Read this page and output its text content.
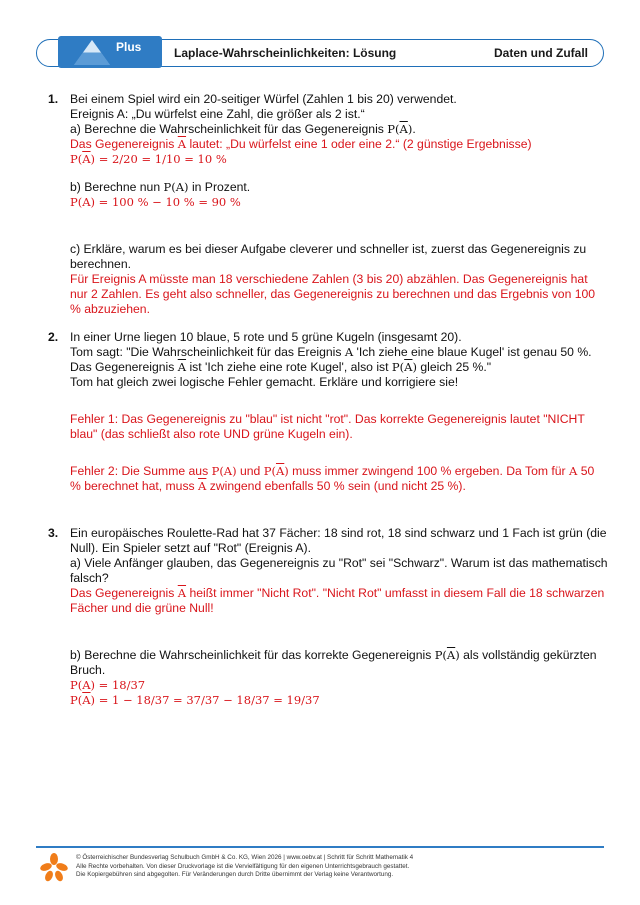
Plus	Laplace-Wahrscheinlichkeiten: Lösung	Daten und Zufall
1. Bei einem Spiel wird ein 20-seitiger Würfel (Zahlen 1 bis 20) verwendet.

Ereignis A: „Du würfelst eine Zahl, die größer als 2 ist.“

a) Berechne die Wahrscheinlichkeit für das Gegenereignis $P(\overline{A})$.

Das Gegenereignis $\overline{A}$ lautet: „Du würfelst eine 1 oder eine 2.“ (2 günstige Ergebnisse)

$P(\overline{A}) = 2/20 = 1/10 = 10$ %

b) Berechne nun P(A) in Prozent.

P(A) = 100 % − 10 % = 90 %

c) Erkläre, warum es bei dieser Aufgabe cleverer und schneller ist, zuerst das Gegenereignis zu berechnen.

Für Ereignis A müsste man 18 verschiedene Zahlen (3 bis 20) abzählen. Das Gegenereignis hat nur 2 Zahlen. Es geht also schneller, das Gegenereignis zu berechnen und das Ergebnis von 100 % abzuziehen.

2. In einer Urne liegen 10 blaue, 5 rote und 5 grüne Kugeln (insgesamt 20).

Tom sagt: "Die Wahrscheinlichkeit für das Ereignis A 'Ich ziehe eine blaue Kugel' ist genau 50 %.

Das Gegenereignis $\overline{A}$ ist 'Ich ziehe eine rote Kugel', also ist $P(\overline{A})$ gleich 25 %."

Tom hat gleich zwei logische Fehler gemacht. Erkläre und korrigiere sie!

Fehler 1: Das Gegenereignis zu "blau" ist nicht "rot". Das korrekte Gegenereignis lautet "NICHT blau" (das schließt also rote UND grüne Kugeln ein).

Fehler 2: Die Summe aus P(A) und $P(\overline{A})$ muss immer zwingend 100 % ergeben. Da Tom für A 50 % berechnet hat, muss $\overline{A}$ zwingend ebenfalls 50 % sein (und nicht 25 %).

3. Ein europäisches Roulette-Rad hat 37 Fächer: 18 sind rot, 18 sind schwarz und 1 Fach ist grün (die Null). Ein Spieler setzt auf "Rot" (Ereignis A).

a) Viele Anfänger glauben, das Gegenereignis zu "Rot" sei "Schwarz". Warum ist das mathematisch falsch?

Das Gegenereignis $\overline{A}$ heißt immer "Nicht Rot". "Nicht Rot" umfasst in diesem Fall die 18 schwarzen Fächer und die grüne Null!

b) Berechne die Wahrscheinlichkeit für das korrekte Gegenereignis $P(\overline{A})$ als vollständig gekürzten Bruch.

P(A) = 18/37

$P(\overline{A}) = 1 - 18/37 = 37/37 - 18/37 = 19/37$

© Österreichischer Bundesverlag Schulbuch GmbH & Co. KG, Wien 2026 | www.oebv.at | Schritt für Schritt Mathematik 4
Alle Rechte vorbehalten. Von dieser Druckvorlage ist die Vervielfältigung für den eigenen Unterrichtsgebrauch gestattet.
Die Kopiergebühren sind abgegolten. Für Veränderungen durch Dritte übernimmt der Verlag keine Verantwortung.
